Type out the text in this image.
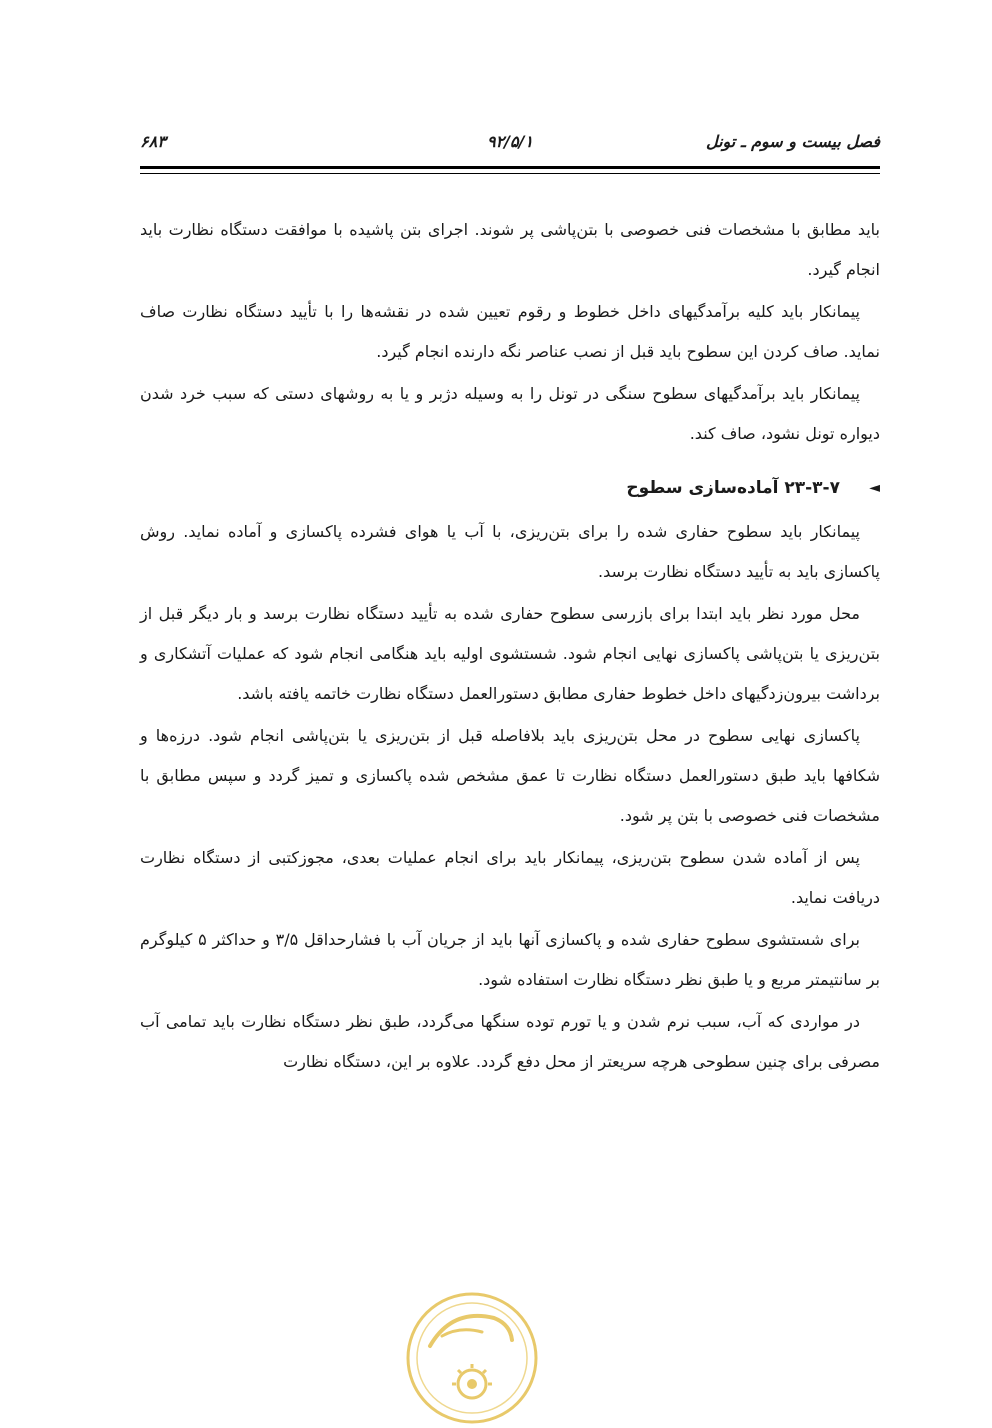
فصل بیست و سوم ـ تونل
۹۲/۵/۱
۶۸۳

باید مطابق با مشخصات فنی خصوصی با بتن‌پاشی پر شوند. اجرای بتن پاشیده با موافقت دستگاه نظارت باید انجام گیرد.

پیمانکار باید کلیه برآمدگیهای داخل خطوط و رقوم تعیین شده در نقشه‌ها را با تأیید دستگاه نظارت صاف نماید. صاف کردن این سطوح باید قبل از نصب عناصر نگه دارنده انجام گیرد.

پیمانکار باید برآمدگیهای سطوح سنگی در تونل را به وسیله دژبر و یا به روشهای دستی که سبب خرد شدن دیواره تونل نشود، صاف کند.

◄
۲۳-۳-۷ آماده‌سازی سطوح

پیمانکار باید سطوح حفاری شده را برای بتن‌ریزی، با آب یا هوای فشرده پاکسازی و آماده نماید. روش پاکسازی باید به تأیید دستگاه نظارت برسد.

محل مورد نظر باید ابتدا برای بازرسی سطوح حفاری شده به تأیید دستگاه نظارت برسد و بار دیگر قبل از بتن‌ریزی یا بتن‌پاشی پاکسازی نهایی انجام شود. شستشوی اولیه باید هنگامی انجام شود که عملیات آتشکاری و برداشت بیرون‌زدگیهای داخل خطوط حفاری مطابق دستورالعمل دستگاه نظارت خاتمه یافته باشد.

پاکسازی نهایی سطوح در محل بتن‌ریزی باید بلافاصله قبل از بتن‌ریزی یا بتن‌پاشی انجام شود. درزه‌ها و شکافها باید طبق دستورالعمل دستگاه نظارت تا عمق مشخص شده پاکسازی و تمیز گردد و سپس مطابق با مشخصات فنی خصوصی با بتن پر شود.

پس از آماده شدن سطوح بتن‌ریزی، پیمانکار باید برای انجام عملیات بعدی، مجوزکتبی از دستگاه نظارت دریافت نماید.

برای شستشوی سطوح حفاری شده و پاکسازی آنها باید از جریان آب با فشارحداقل ۳/۵ و حداکثر ۵ کیلوگرم بر سانتیمتر مربع و یا طبق نظر دستگاه نظارت استفاده شود.

در مواردی که آب، سبب نرم شدن و یا تورم توده سنگها می‌گردد، طبق نظر دستگاه نظارت باید تمامی آب مصرفی برای چنین سطوحی هرچه سریعتر از محل دفع گردد. علاوه بر این، دستگاه نظارت
